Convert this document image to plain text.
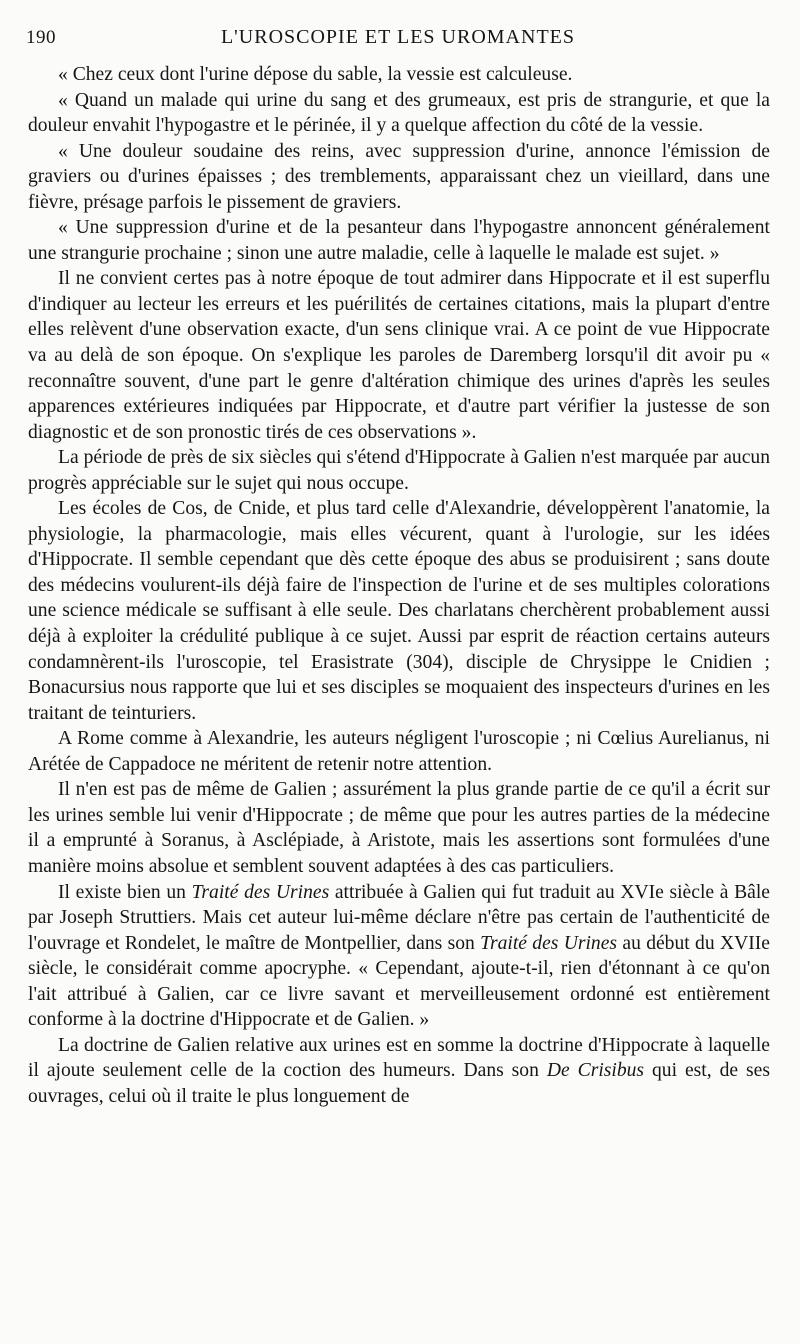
190	L'UROSCOPIE ET LES UROMANTES

« Chez ceux dont l'urine dépose du sable, la vessie est calculeuse.

« Quand un malade qui urine du sang et des grumeaux, est pris de strangurie, et que la douleur envahit l'hypogastre et le périnée, il y a quelque affection du côté de la vessie.

« Une douleur soudaine des reins, avec suppression d'urine, annonce l'émission de graviers ou d'urines épaisses ; des tremblements, apparaissant chez un vieillard, dans une fièvre, présage parfois le pissement de graviers.

« Une suppression d'urine et de la pesanteur dans l'hypogastre annoncent généralement une strangurie prochaine ; sinon une autre maladie, celle à laquelle le malade est sujet. »

Il ne convient certes pas à notre époque de tout admirer dans Hippocrate et il est superflu d'indiquer au lecteur les erreurs et les puérilités de certaines citations, mais la plupart d'entre elles relèvent d'une observation exacte, d'un sens clinique vrai. A ce point de vue Hippocrate va au delà de son époque. On s'explique les paroles de Daremberg lorsqu'il dit avoir pu « reconnaître souvent, d'une part le genre d'altération chimique des urines d'après les seules apparences extérieures indiquées par Hippocrate, et d'autre part vérifier la justesse de son diagnostic et de son pronostic tirés de ces observations ».

La période de près de six siècles qui s'étend d'Hippocrate à Galien n'est marquée par aucun progrès appréciable sur le sujet qui nous occupe.

Les écoles de Cos, de Cnide, et plus tard celle d'Alexandrie, développèrent l'anatomie, la physiologie, la pharmacologie, mais elles vécurent, quant à l'urologie, sur les idées d'Hippocrate. Il semble cependant que dès cette époque des abus se produisirent ; sans doute des médecins voulurent-ils déjà faire de l'inspection de l'urine et de ses multiples colorations une science médicale se suffisant à elle seule. Des charlatans cherchèrent probablement aussi déjà à exploiter la crédulité publique à ce sujet. Aussi par esprit de réaction certains auteurs condamnèrent-ils l'uroscopie, tel Erasistrate (304), disciple de Chrysippe le Cnidien ; Bonacursius nous rapporte que lui et ses disciples se moquaient des inspecteurs d'urines en les traitant de teinturiers.

A Rome comme à Alexandrie, les auteurs négligent l'uroscopie ; ni Cœlius Aurelianus, ni Arétée de Cappadoce ne méritent de retenir notre attention.

Il n'en est pas de même de Galien ; assurément la plus grande partie de ce qu'il a écrit sur les urines semble lui venir d'Hippocrate ; de même que pour les autres parties de la médecine il a emprunté à Soranus, à Asclépiade, à Aristote, mais les assertions sont formulées d'une manière moins absolue et semblent souvent adaptées à des cas particuliers.

Il existe bien un Traité des Urines attribuée à Galien qui fut traduit au XVIe siècle à Bâle par Joseph Struttiers. Mais cet auteur lui-même déclare n'être pas certain de l'authenticité de l'ouvrage et Rondelet, le maître de Montpellier, dans son Traité des Urines au début du XVIIe siècle, le considérait comme apocryphe. « Cependant, ajoute-t-il, rien d'étonnant à ce qu'on l'ait attribué à Galien, car ce livre savant et merveilleusement ordonné est entièrement conforme à la doctrine d'Hippocrate et de Galien. »

La doctrine de Galien relative aux urines est en somme la doctrine d'Hippocrate à laquelle il ajoute seulement celle de la coction des humeurs. Dans son De Crisibus qui est, de ses ouvrages, celui où il traite le plus longuement de
